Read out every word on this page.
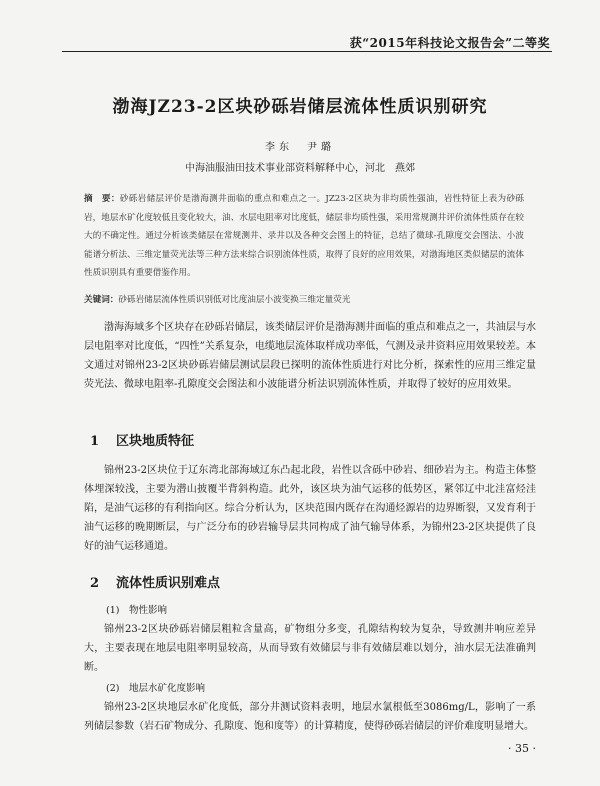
获“2015年科技论文报告会”二等奖
渤海JZ23-2区块砂砾岩储层流体性质识别研究
李东　尹璐
中海油服油田技术事业部资料解释中心，河北　燕郊
摘　要：砂砾岩储层评价是渤海测井面临的重点和难点之一。JZ23-2区块为非均质性强油，岩性特征上表为砂砾岩，地层水矿化度较低且变化较大，油、水层电阻率对比度低，储层非均质性强，采用常规测井评价流体性质存在较大的不确定性。通过分析该类储层在常规测井、录井以及各种交会图上的特征，总结了微球-孔隙度交会图法、小波能谱分析法、三维定量荧光法等三种方法来综合识别流体性质，取得了良好的应用效果，对渤海地区类似储层的流体性质识别具有重要借鉴作用。
关键词：砂砾岩储层流体性质识别低对比度油层小波变换三维定量荧光

渤海海域多个区块存在砂砾岩储层，该类储层评价是渤海测井面临的重点和难点之一，共油层与水层电阻率对比度低，“四性”关系复杂，电缆地层流体取样成功率低，气测及录井资料应用效果较差。本文通过对锦州23-2区块砂砾岩储层测试层段已探明的流体性质进行对比分析，探索性的应用三维定量荧光法、微球电阻率-孔隙度交会图法和小波能谱分析法识别流体性质，并取得了较好的应用效果。

1 区块地质特征

锦州23-2区块位于辽东湾北部海域辽东凸起北段，岩性以含砾中砂岩、细砂岩为主。构造主体整体埋深较浅，主要为潜山披覆半背斜构造。此外，该区块为油气运移的低势区，紧邻辽中北洼富烃洼陷，是油气运移的有利指向区。综合分析认为，区块范围内既存在沟通烃源岩的边界断裂，又发育利于油气运移的晚期断层，与广泛分布的砂岩输导层共同构成了油气输导体系，为锦州23-2区块提供了良好的油气运移通道。

2 流体性质识别难点
(1)　物性影响

锦州23-2区块砂砾岩储层粗粒含量高，矿物组分多变，孔隙结构较为复杂，导致测井响应差异大，主要表现在地层电阻率明显较高，从而导致有效储层与非有效储层难以划分，油水层无法准确判断。

(2)　地层水矿化度影响

锦州23-2区块地层水矿化度低，部分井测试资料表明，地层水氯根低至3086mg/L，影响了一系列储层参数（岩石矿物成分、孔隙度、饱和度等）的计算精度，使得砂砾岩储层的评价难度明显增大。

· 35 ·
